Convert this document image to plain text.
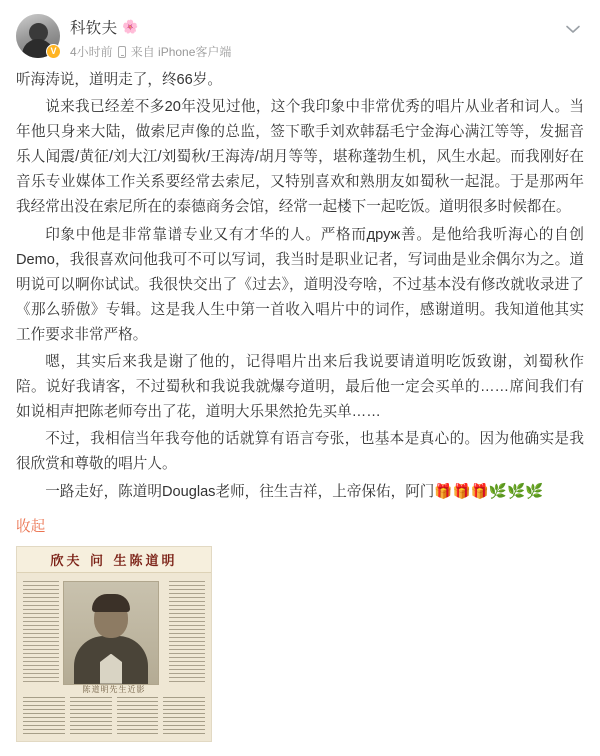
V
科钦夫 🌸
4小时前 来自 iPhone客户端

听海涛说，道明走了，终66岁。

说来我已经差不多20年没见过他，这个我印象中非常优秀的唱片从业者和词人。当年他只身来大陆，做索尼声像的总监，签下歌手刘欢韩磊毛宁金海心满江等等，发掘音乐人闻震/黄征/刘大江/刘蜀秋/王海涛/胡月等等，堪称蓬勃生机，风生水起。而我刚好在音乐专业媒体工作关系要经常去索尼，又特别喜欢和熟朋友如蜀秋一起混。于是那两年我经常出没在索尼所在的泰德商务会馆，经常一起楼下一起吃饭。道明很多时候都在。

印象中他是非常靠谱专业又有才华的人。严格而друж善。是他给我听海心的自创Demo，我很喜欢问他我可不可以写词，我当时是职业记者，写词曲是业余偶尔为之。道明说可以啊你试试。我很快交出了《过去》，道明没夸啥，不过基本没有修改就收录进了《那么骄傲》专辑。这是我人生中第一首收入唱片中的词作，感谢道明。我知道他其实工作要求非常严格。

嗯，其实后来我是谢了他的，记得唱片出来后我说要请道明吃饭致谢，刘蜀秋作陪。说好我请客，不过蜀秋和我说我就爆夸道明，最后他一定会买单的……席间我们有如说相声把陈老师夸出了花，道明大乐果然抢先买单……

不过，我相信当年我夸他的话就算有语言夸张，也基本是真心的。因为他确实是我很欣赏和尊敬的唱片人。

一路走好，陈道明Douglas老师，往生吉祥，上帝保佑，阿门🎁🎁🎁🌿🌿🌿

收起
欣夫 问 生陈道明
陈道明先生近影
